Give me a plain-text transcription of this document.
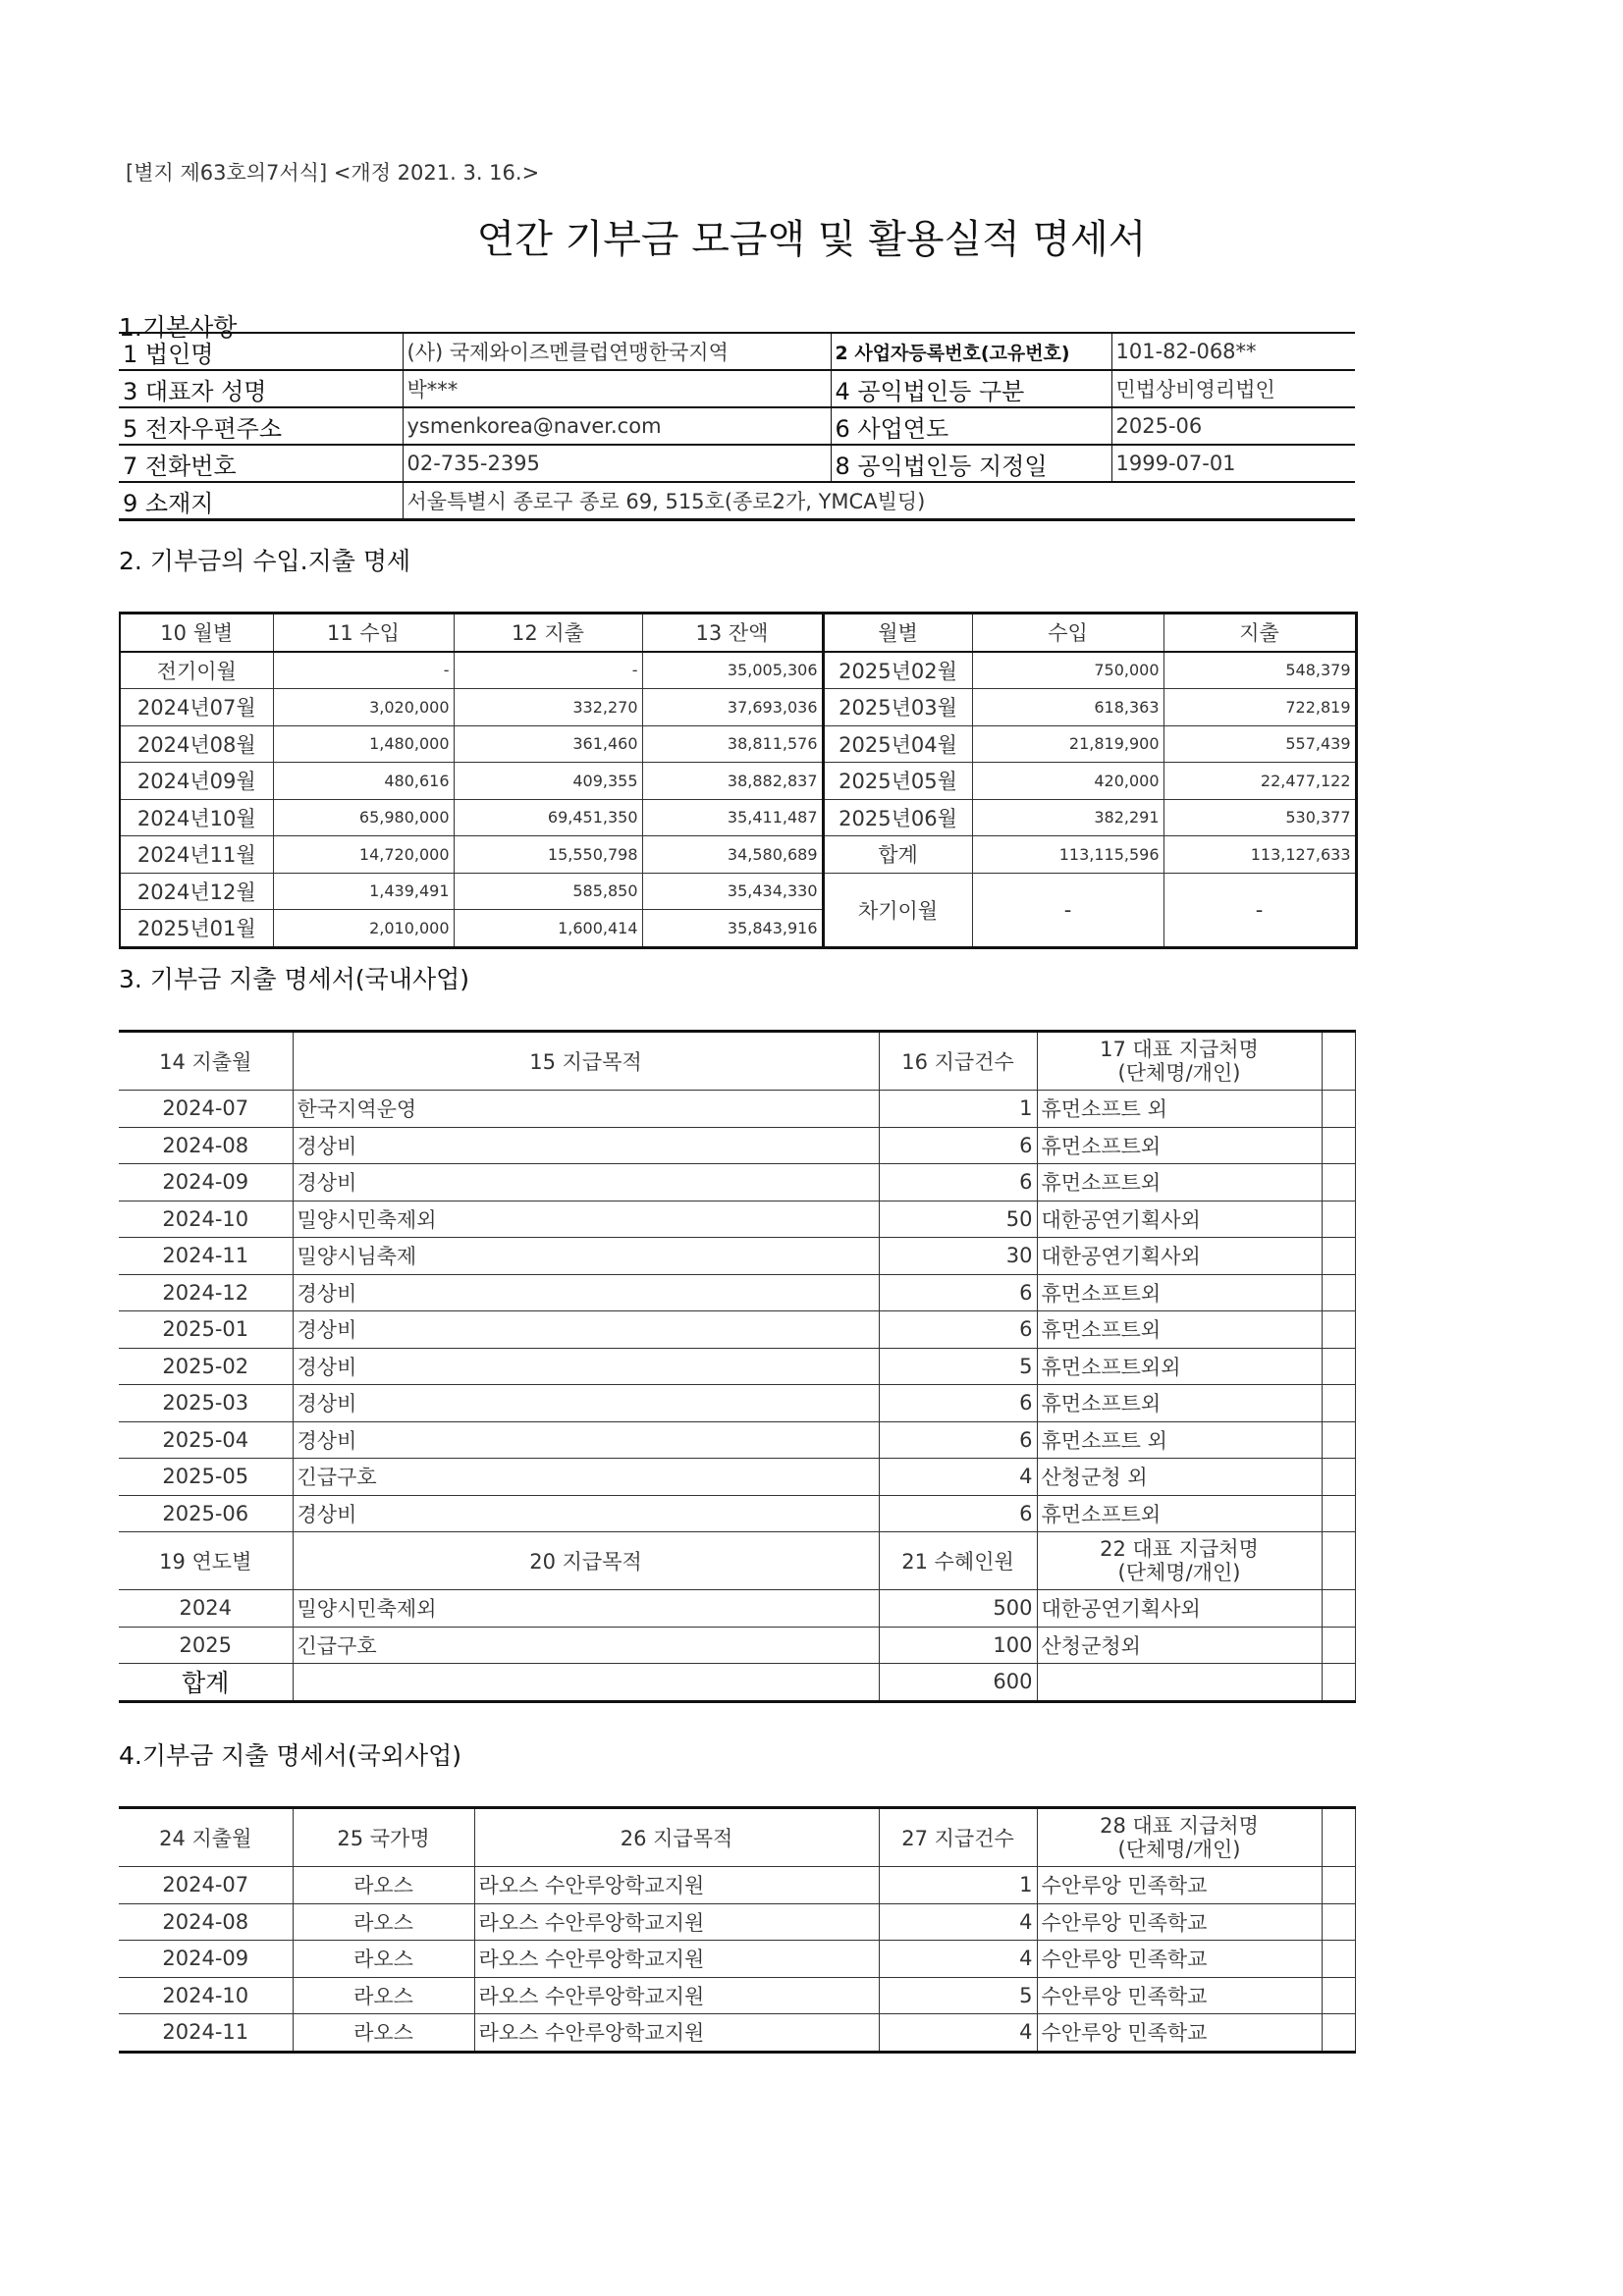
[별지 제63호의7서식] <개정 2021. 3. 16.>
연간 기부금 모금액 및 활용실적 명세서
1.기본사항
1 법인명	(사) 국제와이즈멘클럽연맹한국지역	2 사업자등록번호(고유번호)	101-82-068**
3 대표자 성명	박***	4 공익법인등 구분	민법상비영리법인
5 전자우편주소	ysmenkorea@naver.com	6 사업연도	2025-06
7 전화번호	02-735-2395	8 공익법인등 지정일	1999-07-01
9 소재지	서울특별시 종로구 종로 69, 515호(종로2가, YMCA빌딩)		
2. 기부금의 수입.지출 명세
10 월별	11 수입	12 지출	13 잔액	월별	수입	지출
전기이월	-	-	35,005,306	2025년02월	750,000	548,379
2024년07월	3,020,000	332,270	37,693,036	2025년03월	618,363	722,819
2024년08월	1,480,000	361,460	38,811,576	2025년04월	21,819,900	557,439
2024년09월	480,616	409,355	38,882,837	2025년05월	420,000	22,477,122
2024년10월	65,980,000	69,451,350	35,411,487	2025년06월	382,291	530,377
2024년11월	14,720,000	15,550,798	34,580,689	합계	113,115,596	113,127,633
2024년12월	1,439,491	585,850	35,434,330	차기이월	-	-
2025년01월	2,010,000	1,600,414	35,843,916			
3. 기부금 지출 명세서(국내사업)
14 지출월	15 지급목적	16 지급건수	17 대표 지급처명
(단체명/개인)	

2024-07	한국지역운영	1	휴먼소프트 외	
2024-08	경상비	6	휴먼소프트외	
2024-09	경상비	6	휴먼소프트외	
2024-10	밀양시민축제외	50	대한공연기획사외	
2024-11	밀양시님축제	30	대한공연기획사외	
2024-12	경상비	6	휴먼소프트외	
2025-01	경상비	6	휴먼소프트외	
2025-02	경상비	5	휴먼소프트외외	
2025-03	경상비	6	휴먼소프트외	
2025-04	경상비	6	휴먼소프트 외	
2025-05	긴급구호	4	산청군청 외	
2025-06	경상비	6	휴먼소프트외	
19 연도별	20 지급목적	21 수혜인원	22 대표 지급처명
(단체명/개인)	

2024	밀양시민축제외	500	대한공연기획사외	
2025	긴급구호	100	산청군청외	
합계		600		
4.기부금 지출 명세서(국외사업)
24 지출월	25 국가명	26 지급목적	27 지급건수	28 대표 지급처명
(단체명/개인)	

2024-07	라오스	라오스 수안루앙학교지원	1	수안루앙 민족학교	
2024-08	라오스	라오스 수안루앙학교지원	4	수안루앙 민족학교	
2024-09	라오스	라오스 수안루앙학교지원	4	수안루앙 민족학교	
2024-10	라오스	라오스 수안루앙학교지원	5	수안루앙 민족학교	
2024-11	라오스	라오스 수안루앙학교지원	4	수안루앙 민족학교	
